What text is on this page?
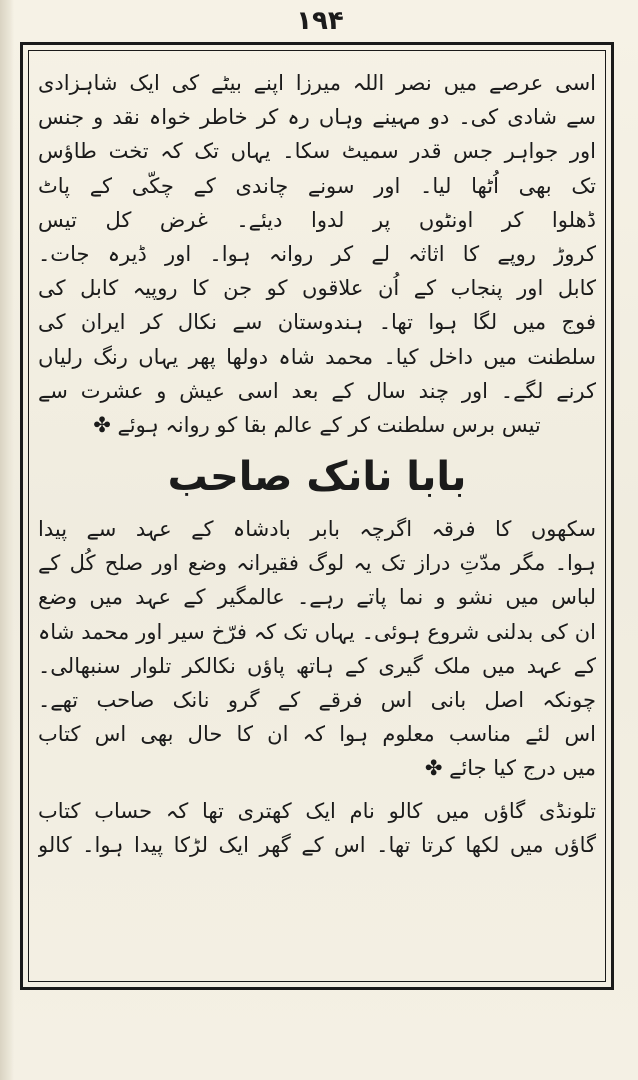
۱۹۴
اسی عرصے میں نصر اللہ میرزا اپنے بیٹے کی ایک شاہزادی
سے شادی کی۔ دو مہینے وہاں رہ کر خاطر خواہ نقد و جنس
اور جواہر جس قدر سمیٹ سکا۔ یہاں تک کہ تخت طاؤس
تک بھی اُٹھا لیا۔ اور سونے چاندی کے چکّی کے پاٹ
ڈھلوا کر اونٹوں پر لدوا دیئے۔ غرض کل تیس
کروڑ روپے کا اثاثہ لے کر روانہ ہوا۔ اور ڈیرہ جات۔
کابل اور پنجاب کے اُن علاقوں کو جن کا روپیہ کابل کی
فوج میں لگا ہوا تھا۔ ہندوستان سے نکال کر ایران کی
سلطنت میں داخل کیا۔ محمد شاہ دولھا پھر یہاں رنگ رلیاں
کرنے لگے۔ اور چند سال کے بعد اسی عیش و عشرت سے
تیس برس سلطنت کر کے عالم بقا کو روانہ ہوئے ✤
بابا نانک صاحب
سکھوں کا فرقہ اگرچہ بابر بادشاہ کے عہد سے پیدا
ہوا۔ مگر مدّتِ دراز تک یہ لوگ فقیرانہ وضع اور صلح کُل کے
لباس میں نشو و نما پاتے رہے۔ عالمگیر کے عہد میں وضع
ان کی بدلنی شروع ہوئی۔ یہاں تک کہ فرّخ سیر اور محمد شاہ
کے عہد میں ملک گیری کے ہاتھ پاؤں نکالکر تلوار سنبھالی۔
چونکہ اصل بانی اس فرقے کے گرو نانک صاحب تھے۔
اس لئے مناسب معلوم ہوا کہ ان کا حال بھی اس کتاب
میں درج کیا جائے ✤
تلونڈی گاؤں میں کالو نام ایک کھتری تھا کہ حساب کتاب
گاؤں میں لکھا کرتا تھا۔ اس کے گھر ایک لڑکا پیدا ہوا۔ کالو
